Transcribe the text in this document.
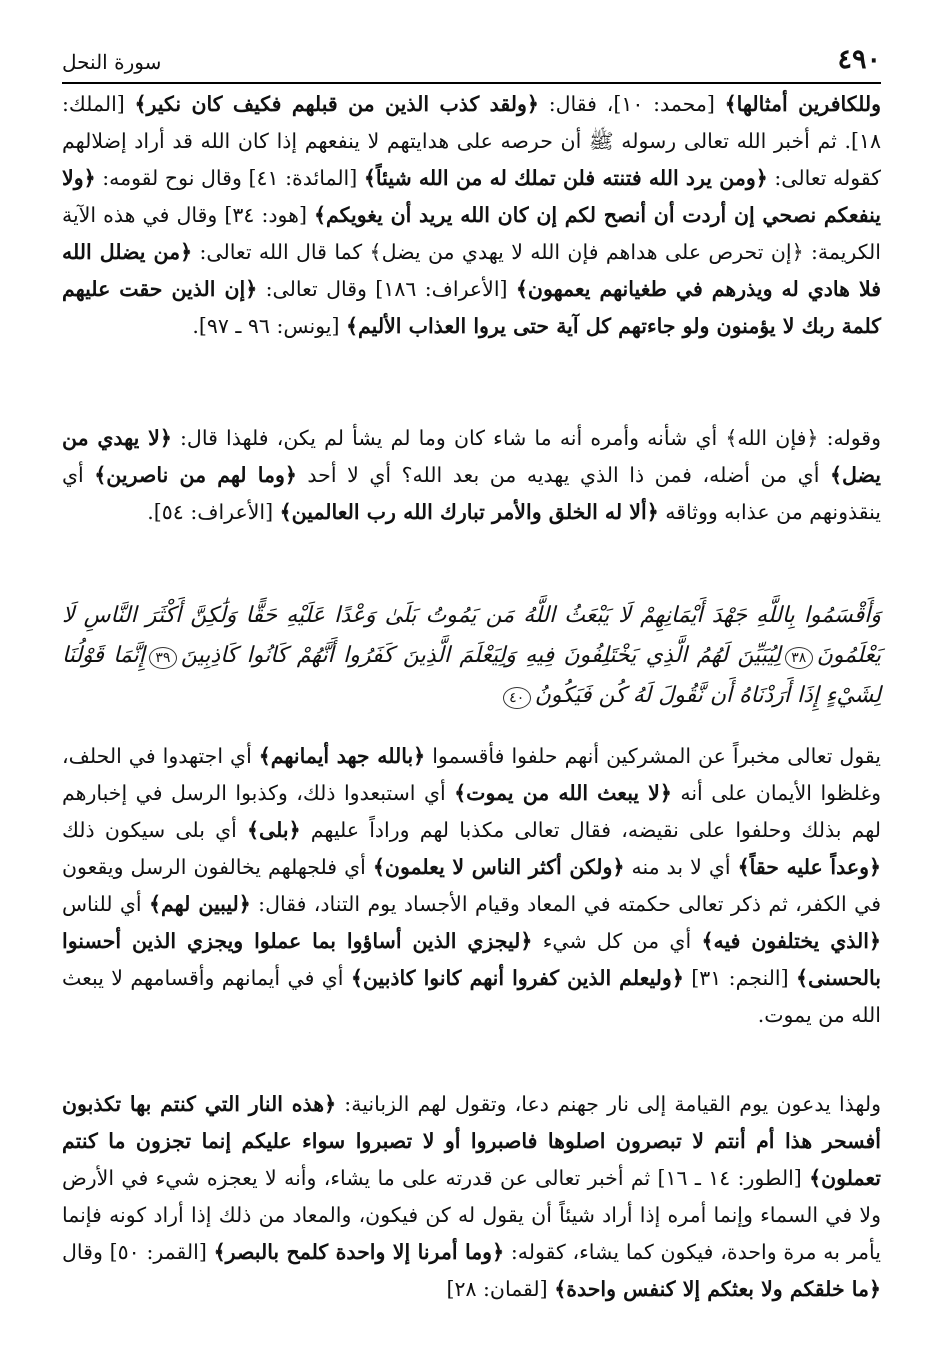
٤٩٠
سورة النحل

وللكافرين أمثالها﴾ [محمد: ١٠]، فقال: ﴿ولقد كذب الذين من قبلهم فكيف كان نكير﴾ [الملك: ١٨]. ثم أخبر الله تعالى رسوله ﷺ أن حرصه على هدايتهم لا ينفعهم إذا كان الله قد أراد إضلالهم كقوله تعالى: ﴿ومن يرد الله فتنته فلن تملك له من الله شيئاً﴾ [المائدة: ٤١] وقال نوح لقومه: ﴿ولا ينفعكم نصحي إن أردت أن أنصح لكم إن كان الله يريد أن يغويكم﴾ [هود: ٣٤] وقال في هذه الآية الكريمة: ﴿إن تحرص على هداهم فإن الله لا يهدي من يضل﴾ كما قال الله تعالى: ﴿من يضلل الله فلا هادي له ويذرهم في طغيانهم يعمهون﴾ [الأعراف: ١٨٦] وقال تعالى: ﴿إن الذين حقت عليهم كلمة ربك لا يؤمنون ولو جاءتهم كل آية حتى يروا العذاب الأليم﴾ [يونس: ٩٦ ـ ٩٧].

وقوله: ﴿فإن الله﴾ أي شأنه وأمره أنه ما شاء كان وما لم يشأ لم يكن، فلهذا قال: ﴿لا يهدي من يضل﴾ أي من أضله، فمن ذا الذي يهديه من بعد الله؟ أي لا أحد ﴿وما لهم من ناصرين﴾ أي ينقذونهم من عذابه ووثاقه ﴿ألا له الخلق والأمر تبارك الله رب العالمين﴾ [الأعراف: ٥٤].

وَأَقْسَمُوا بِاللَّهِ جَهْدَ أَيْمَانِهِمْ لَا يَبْعَثُ اللَّهُ مَن يَمُوتُ بَلَىٰ وَعْدًا عَلَيْهِ حَقًّا وَلَٰكِنَّ أَكْثَرَ النَّاسِ لَا يَعْلَمُونَ٣٨لِيُبَيِّنَ لَهُمُ الَّذِي يَخْتَلِفُونَ فِيهِ وَلِيَعْلَمَ الَّذِينَ كَفَرُوا أَنَّهُمْ كَانُوا كَاذِبِينَ٣٩إِنَّمَا قَوْلُنَا لِشَيْءٍ إِذَا أَرَدْنَاهُ أَن نَّقُولَ لَهُ كُن فَيَكُونُ٤٠

يقول تعالى مخبراً عن المشركين أنهم حلفوا فأقسموا ﴿بالله جهد أيمانهم﴾ أي اجتهدوا في الحلف، وغلظوا الأيمان على أنه ﴿لا يبعث الله من يموت﴾ أي استبعدوا ذلك، وكذبوا الرسل في إخبارهم لهم بذلك وحلفوا على نقيضه، فقال تعالى مكذبا لهم وراداً عليهم ﴿بلى﴾ أي بلى سيكون ذلك ﴿وعداً عليه حقاً﴾ أي لا بد منه ﴿ولكن أكثر الناس لا يعلمون﴾ أي فلجهلهم يخالفون الرسل ويقعون في الكفر، ثم ذكر تعالى حكمته في المعاد وقيام الأجساد يوم التناد، فقال: ﴿ليبين لهم﴾ أي للناس ﴿الذي يختلفون فيه﴾ أي من كل شيء ﴿ليجزي الذين أساؤوا بما عملوا ويجزي الذين أحسنوا بالحسنى﴾ [النجم: ٣١] ﴿وليعلم الذين كفروا أنهم كانوا كاذبين﴾ أي في أيمانهم وأقسامهم لا يبعث الله من يموت.

ولهذا يدعون يوم القيامة إلى نار جهنم دعا، وتقول لهم الزبانية: ﴿هذه النار التي كنتم بها تكذبون أفسحر هذا أم أنتم لا تبصرون اصلوها فاصبروا أو لا تصبروا سواء عليكم إنما تجزون ما كنتم تعملون﴾ [الطور: ١٤ ـ ١٦] ثم أخبر تعالى عن قدرته على ما يشاء، وأنه لا يعجزه شيء في الأرض ولا في السماء وإنما أمره إذا أراد شيئاً أن يقول له كن فيكون، والمعاد من ذلك إذا أراد كونه فإنما يأمر به مرة واحدة، فيكون كما يشاء، كقوله: ﴿وما أمرنا إلا واحدة كلمح بالبصر﴾ [القمر: ٥٠] وقال ﴿ما خلقكم ولا بعثكم إلا كنفس واحدة﴾ [لقمان: ٢٨]
